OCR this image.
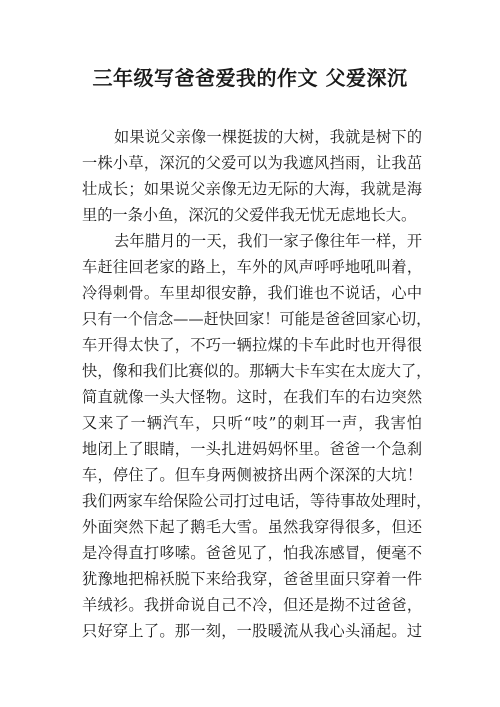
三年级写爸爸爱我的作文 父爱深沉
如果说父亲像一棵挺拔的大树，我就是树下的
一株小草，深沉的父爱可以为我遮风挡雨，让我茁
壮成长；如果说父亲像无边无际的大海，我就是海
里的一条小鱼，深沉的父爱伴我无忧无虑地长大。
去年腊月的一天，我们一家子像往年一样，开
车赶往回老家的路上，车外的风声呼呼地吼叫着，
冷得刺骨。车里却很安静，我们谁也不说话，心中
只有一个信念——赶快回家！可能是爸爸回家心切，
车开得太快了，不巧一辆拉煤的卡车此时也开得很
快，像和我们比赛似的。那辆大卡车实在太庞大了，
简直就像一头大怪物。这时，在我们车的右边突然
又来了一辆汽车，只听“吱”的刺耳一声，我害怕
地闭上了眼睛，一头扎进妈妈怀里。爸爸一个急刹
车，停住了。但车身两侧被挤出两个深深的大坑！
我们两家车给保险公司打过电话，等待事故处理时，
外面突然下起了鹅毛大雪。虽然我穿得很多，但还
是冷得直打哆嗦。爸爸见了，怕我冻感冒，便毫不
犹豫地把棉袄脱下来给我穿，爸爸里面只穿着一件
羊绒衫。我拼命说自己不冷，但还是拗不过爸爸，
只好穿上了。那一刻，一股暖流从我心头涌起。过
